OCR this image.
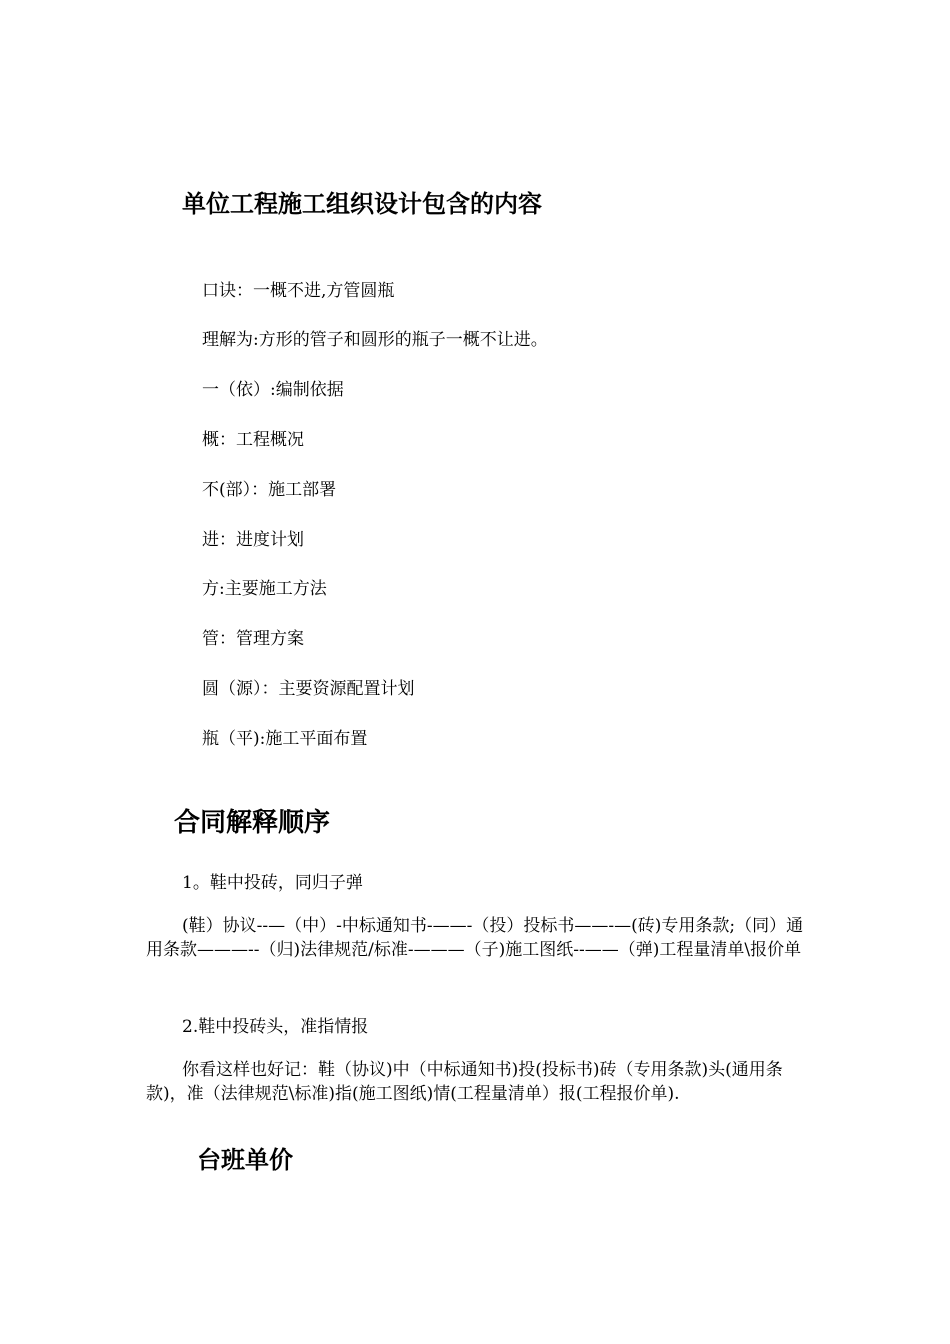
单位工程施工组织设计包含的内容

口诀：一概不进,方管圆瓶

理解为:方形的管子和圆形的瓶子一概不让进。

一（依）:编制依据

概：工程概况

不(部）：施工部署

进：进度计划

方:主要施工方法

管：管理方案

圆（源）：主要资源配置计划

瓶（平):施工平面布置

合同解释顺序

1。鞋中投砖，同归子弹

(鞋）协议--—（中）-中标通知书-——-（投）投标书——-—(砖)专用条款;（同）通用条款———--（归)法律规范/标准-———（子)施工图纸--——（弹)工程量清单\报价单

2.鞋中投砖头，准指情报

你看这样也好记：鞋（协议)中（中标通知书)投(投标书)砖（专用条款)头(通用条款)，准（法律规范\标准)指(施工图纸)情(工程量清单）报(工程报价单).

台班单价
